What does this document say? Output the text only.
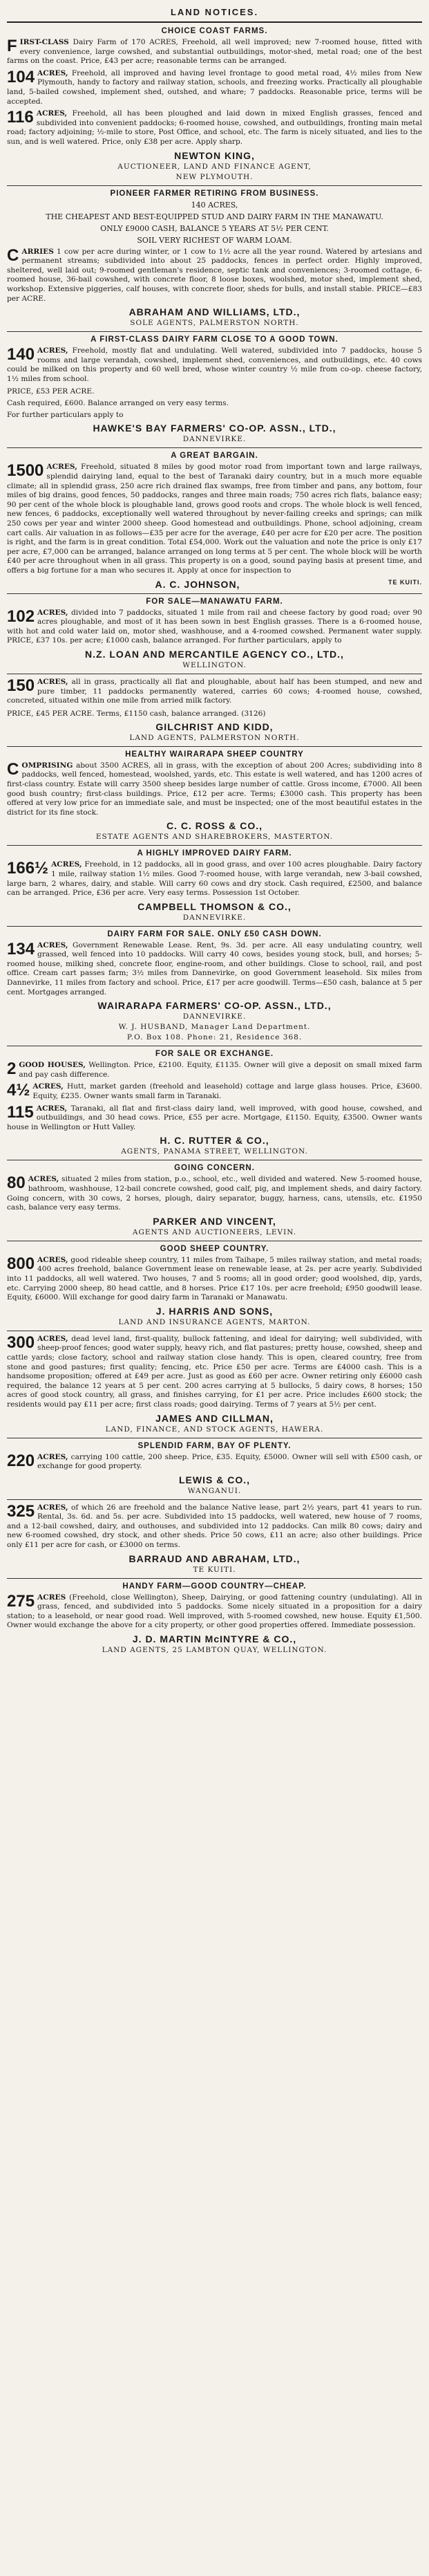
LAND NOTICES.
CHOICE COAST FARMS.
FIRST-CLASS Dairy Farm of 170 ACRES, Freehold, all well improved; new 7-roomed house, fitted with every convenience, large cowshed, and substantial outbuildings, motor-shed, metal road; one of the best farms on the coast. Price, £43 per acre; reasonable terms can be arranged.
104 ACRES, Freehold, all improved and having level frontage to good metal road, 4½ miles from New Plymouth, handy to factory and railway station, schools, and freezing works. Practically all ploughable land, 5-bailed cowshed, implement shed, outshed, and whare; 7 paddocks. Reasonable price, terms will be accepted.
116 ACRES, Freehold, all has been ploughed and laid down in mixed English grasses, fenced and subdivided into convenient paddocks; 6-roomed house, cowshed, and outbuildings, fronting main metal road; factory adjoining; ½-mile to store, Post Office, and school, etc. The farm is nicely situated, and lies to the sun, and is well watered. Price, only £38 per acre. Apply sharp.
NEWTON KING,
AUCTIONEER, LAND AND FINANCE AGENT,
NEW PLYMOUTH.
PIONEER FARMER RETIRING FROM BUSINESS.
140 ACRES,
THE CHEAPEST AND BEST-EQUIPPED STUD AND DAIRY FARM IN THE MANAWATU.
ONLY £9000 CASH, BALANCE 5 YEARS AT 5½ PER CENT.
SOIL VERY RICHEST OF WARM LOAM.
CARRIES 1 cow per acre during winter, or 1 cow to 1½ acre all the year round. Watered by artesians and permanent streams; subdivided into about 25 paddocks, fences in perfect order. Highly improved, sheltered, well laid out; 9-roomed gentleman's residence, septic tank and conveniences; 3-roomed cottage, 6-roomed house, 36-bail cowshed, with concrete floor, 8 loose boxes, woolshed, motor shed, implement shed, workshop. Extensive piggeries, calf houses, with concrete floor, sheds for bulls, and install stable. PRICE—£83 per ACRE.
ABRAHAM AND WILLIAMS, LTD.,
SOLE AGENTS, PALMERSTON NORTH.
A FIRST-CLASS DAIRY FARM CLOSE TO A GOOD TOWN.
140 ACRES, Freehold, mostly flat and undulating. Well watered, subdivided into 7 paddocks, house 5 rooms and large verandah, cowshed, implement shed, conveniences, and outbuildings, etc. 40 cows could be milked on this property and 60 well bred, whose winter country ½ mile from co-op. cheese factory, 1½ miles from school.
PRICE, £53 PER ACRE.
Cash required, £600. Balance arranged on very easy terms.
For further particulars apply to
HAWKE'S BAY FARMERS' CO-OP. ASSN., LTD.,
DANNEVIRKE.
A GREAT BARGAIN.
1500 ACRES, Freehold, situated 8 miles by good motor road from important town and large railways, splendid dairying land, equal to the best of Taranaki dairy country, but in a much more equable climate; all in splendid grass, 250 acre rich drained flax swamps, free from timber and pans, any bottom, four miles of big drains, good fences, 50 paddocks, ranges and three main roads; 750 acres rich flats, balance easy; 90 per cent of the whole block is ploughable land, grows good roots and crops. The whole block is well fenced, new fences, 6 paddocks, exceptionally well watered throughout by never-failing creeks and springs; can milk 250 cows per year and winter 2000 sheep. Good homestead and outbuildings. Phone, school adjoining, cream cart calls. Air valuation in as follows—£35 per acre for the average, £40 per acre for £20 per acre. The position is right, and the farm is in great condition. Total £54,000. Work out the valuation and note the price is only £17 per acre, £7,000 can be arranged, balance arranged on long terms at 5 per cent. The whole block will be worth £40 per acre throughout when in all grass. This property is on a good, sound paying basis at present time, and offers a big fortune for a man who secures it. Apply at once for inspection to
A. C. JOHNSON,	TE KUITI.
FOR SALE—MANAWATU FARM.
102 ACRES, divided into 7 paddocks, situated 1 mile from rail and cheese factory by good road; over 90 acres ploughable, and most of it has been sown in best English grasses. There is a 6-roomed house, with hot and cold water laid on, motor shed, washhouse, and a 4-roomed cowshed. Permanent water supply. PRICE, £37 10s. per acre; £1000 cash, balance arranged. For further particulars, apply to
N.Z. LOAN AND MERCANTILE AGENCY CO., LTD.,
WELLINGTON.
150 ACRES, all in grass, practically all flat and ploughable, about half has been stumped, and new and pure timber, 11 paddocks permanently watered, carries 60 cows; 4-roomed house, cowshed, concreted, situated within one mile from arried milk factory.
PRICE, £45 PER ACRE. Terms, £1150 cash, balance arranged. (3126)
GILCHRIST AND KIDD,
LAND AGENTS, PALMERSTON NORTH.
HEALTHY WAIRARAPA SHEEP COUNTRY
COMPRISING about 3500 ACRES, all in grass, with the exception of about 200 Acres; subdividing into 8 paddocks, well fenced, homestead, woolshed, yards, etc. This estate is well watered, and has 1200 acres of first-class country. Estate will carry 3500 sheep besides large number of cattle. Gross income, £7000. All been good bush country; first-class buildings. Price, £12 per acre. Terms; £3000 cash. This property has been offered at very low price for an immediate sale, and must be inspected; one of the most beautiful estates in the district for its fine stock.
C. C. ROSS & CO.,
ESTATE AGENTS AND SHAREBROKERS, MASTERTON.
A HIGHLY IMPROVED DAIRY FARM.
166½ ACRES, Freehold, in 12 paddocks, all in good grass, and over 100 acres ploughable. Dairy factory 1 mile, railway station 1½ miles. Good 7-roomed house, with large verandah, new 3-bail cowshed, large barn, 2 whares, dairy, and stable. Will carry 60 cows and dry stock. Cash required, £2500, and balance can be arranged. Price, £36 per acre. Very easy terms. Possession 1st October.
CAMPBELL THOMSON & CO.,
DANNEVIRKE.
DAIRY FARM FOR SALE. ONLY £50 CASH DOWN.
134 ACRES, Government Renewable Lease. Rent, 9s. 3d. per acre. All easy undulating country, well grassed, well fenced into 10 paddocks. Will carry 40 cows, besides young stock, bull, and horses; 5-roomed house, milking shed, concrete floor, engine-room, and other buildings. Close to school, rail, and post office. Cream cart passes farm; 3½ miles from Dannevirke, on good Government leasehold. Six miles from Dannevirke, 11 miles from factory and school. Price, £17 per acre goodwill. Terms—£50 cash, balance at 5 per cent. Mortgages arranged.
WAIRARAPA FARMERS' CO-OP. ASSN., LTD.,
DANNEVIRKE.
W. J. HUSBAND, Manager Land Department.
P.O. Box 108. Phone: 21, Residence 368.
FOR SALE OR EXCHANGE.
2 GOOD HOUSES, Wellington. Price, £2100. Equity, £1135. Owner will give a deposit on small mixed farm and pay cash difference.
4½ ACRES, Hutt, market garden (freehold and leasehold) cottage and large glass houses. Price, £3600. Equity, £235. Owner wants small farm in Taranaki.
115 ACRES, Taranaki, all flat and first-class dairy land, well improved, with good house, cowshed, and outbuildings, and 30 head cows. Price, £55 per acre. Mortgage, £1150. Equity, £3500. Owner wants house in Wellington or Hutt Valley.
H. C. RUTTER & CO.,
AGENTS, PANAMA STREET, WELLINGTON.
GOING CONCERN.
80 ACRES, situated 2 miles from station, p.o., school, etc., well divided and watered. New 5-roomed house, bathroom, washhouse, 12-bail concrete cowshed, good calf, pig, and implement sheds, and dairy factory. Going concern, with 30 cows, 2 horses, plough, dairy separator, buggy, harness, cans, utensils, etc. £1950 cash, balance very easy terms.
PARKER AND VINCENT,
AGENTS AND AUCTIONEERS, LEVIN.
GOOD SHEEP COUNTRY.
800 ACRES, good rideable sheep country, 11 miles from Taihape, 5 miles railway station, and metal roads; 400 acres freehold, balance Government lease on renewable lease, at 2s. per acre yearly. Subdivided into 11 paddocks, all well watered. Two houses, 7 and 5 rooms; all in good order; good woolshed, dip, yards, etc. Carrying 2000 sheep, 80 head cattle, and 8 horses. Price £17 10s. per acre freehold; £950 goodwill lease. Equity, £6000. Will exchange for good dairy farm in Taranaki or Manawatu.
J. HARRIS AND SONS,
LAND AND INSURANCE AGENTS, MARTON.
300 ACRES, dead level land, first-quality, bullock fattening, and ideal for dairying; well subdivided, with sheep-proof fences; good water supply, heavy rich, and flat pastures; pretty house, cowshed, sheep and cattle yards; close factory, school and railway station close handy. This is open, cleared country, free from stone and good pastures; first quality; fencing, etc. Price £50 per acre. Terms are £4000 cash. This is a handsome proposition; offered at £49 per acre. Just as good as £60 per acre. Owner retiring only £6000 cash required, the balance 12 years at 5 per cent. 200 acres carrying at 5 bullocks, 5 dairy cows, 8 horses; 150 acres of good stock country, all grass, and finishes carrying, for £1 per acre. Price includes £600 stock; the residents would pay £11 per acre; first class roads; good dairying. Terms of 7 years at 5½ per cent.
JAMES AND CILLMAN,
LAND, FINANCE, AND STOCK AGENTS, HAWERA.
SPLENDID FARM, BAY OF PLENTY.
220 ACRES, carrying 100 cattle, 200 sheep. Price, £35. Equity, £5000. Owner will sell with £500 cash, or exchange for good property.
LEWIS & CO.,
WANGANUI.
325 ACRES, of which 26 are freehold and the balance Native lease, part 2½ years, part 41 years to run. Rental, 3s. 6d. and 5s. per acre. Subdivided into 15 paddocks, well watered, new house of 7 rooms, and a 12-bail cowshed, dairy, and outhouses, and subdivided into 12 paddocks. Can milk 80 cows; dairy and new 6-roomed cowshed, dry stock, and other sheds. Price 50 cows, £11 an acre; also other buildings. Price only £11 per acre for cash, or £3000 on terms.
BARRAUD AND ABRAHAM, LTD.,
TE KUITI.
HANDY FARM—GOOD COUNTRY—CHEAP.
275 ACRES (Freehold, close Wellington), Sheep, Dairying, or good fattening country (undulating). All in grass, fenced, and subdivided into 5 paddocks. Some nicely situated in a proposition for a dairy station; to a leasehold, or near good road. Well improved, with 5-roomed cowshed, new house. Equity £1,500. Owner would exchange the above for a city property, or other good properties offered. Immediate possession.
J. D. MARTIN McINTYRE & CO.,
LAND AGENTS, 25 LAMBTON QUAY, WELLINGTON.
